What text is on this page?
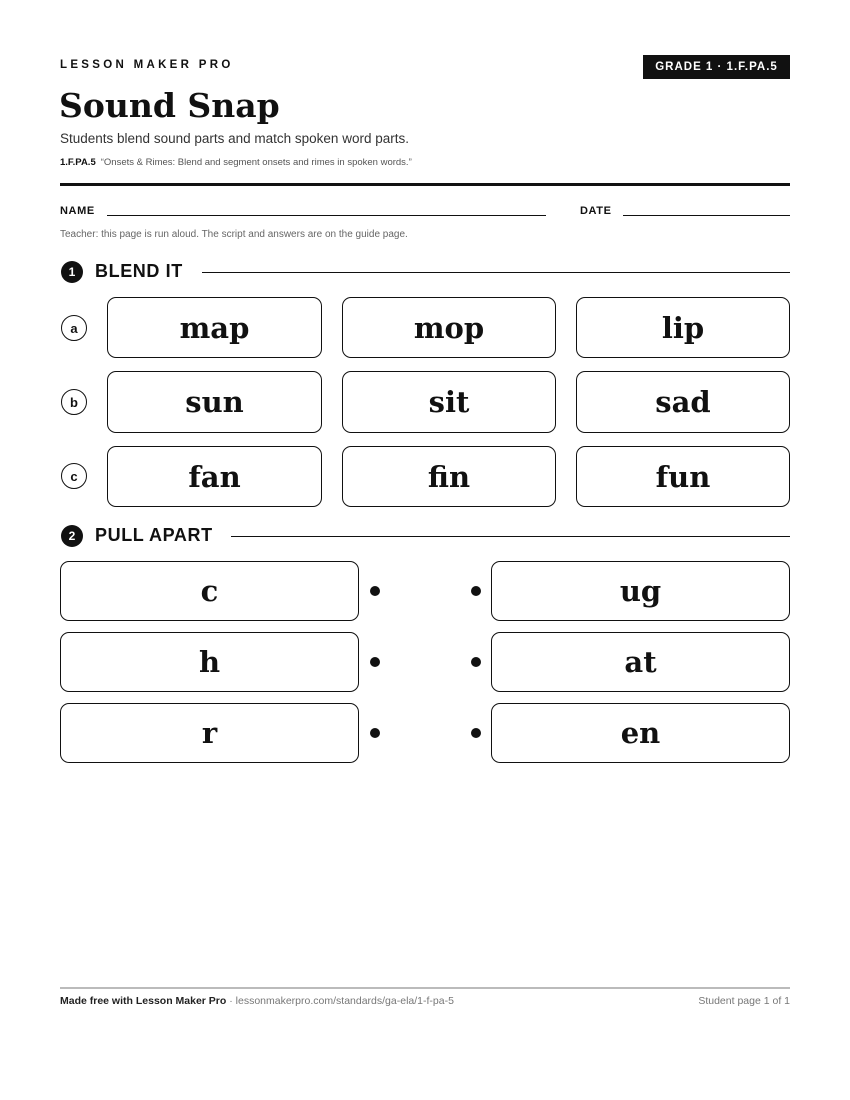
LESSON MAKER PRO	GRADE 1 · 1.F.PA.5
Sound Snap
Students blend sound parts and match spoken word parts.
1.F.PA.5 “Onsets & Rimes: Blend and segment onsets and rimes in spoken words.”
NAME	DATE
Teacher: this page is run aloud. The script and answers are on the guide page.
1	BLEND IT
a	map	mop	lip
b	sun	sit	sad
c	fan	fin	fun
2	PULL APART
c	ug
h	at
r	en
Made free with Lesson Maker Pro · lessonmakerpro.com/standards/ga-ela/1-f-pa-5	Student page 1 of 1
